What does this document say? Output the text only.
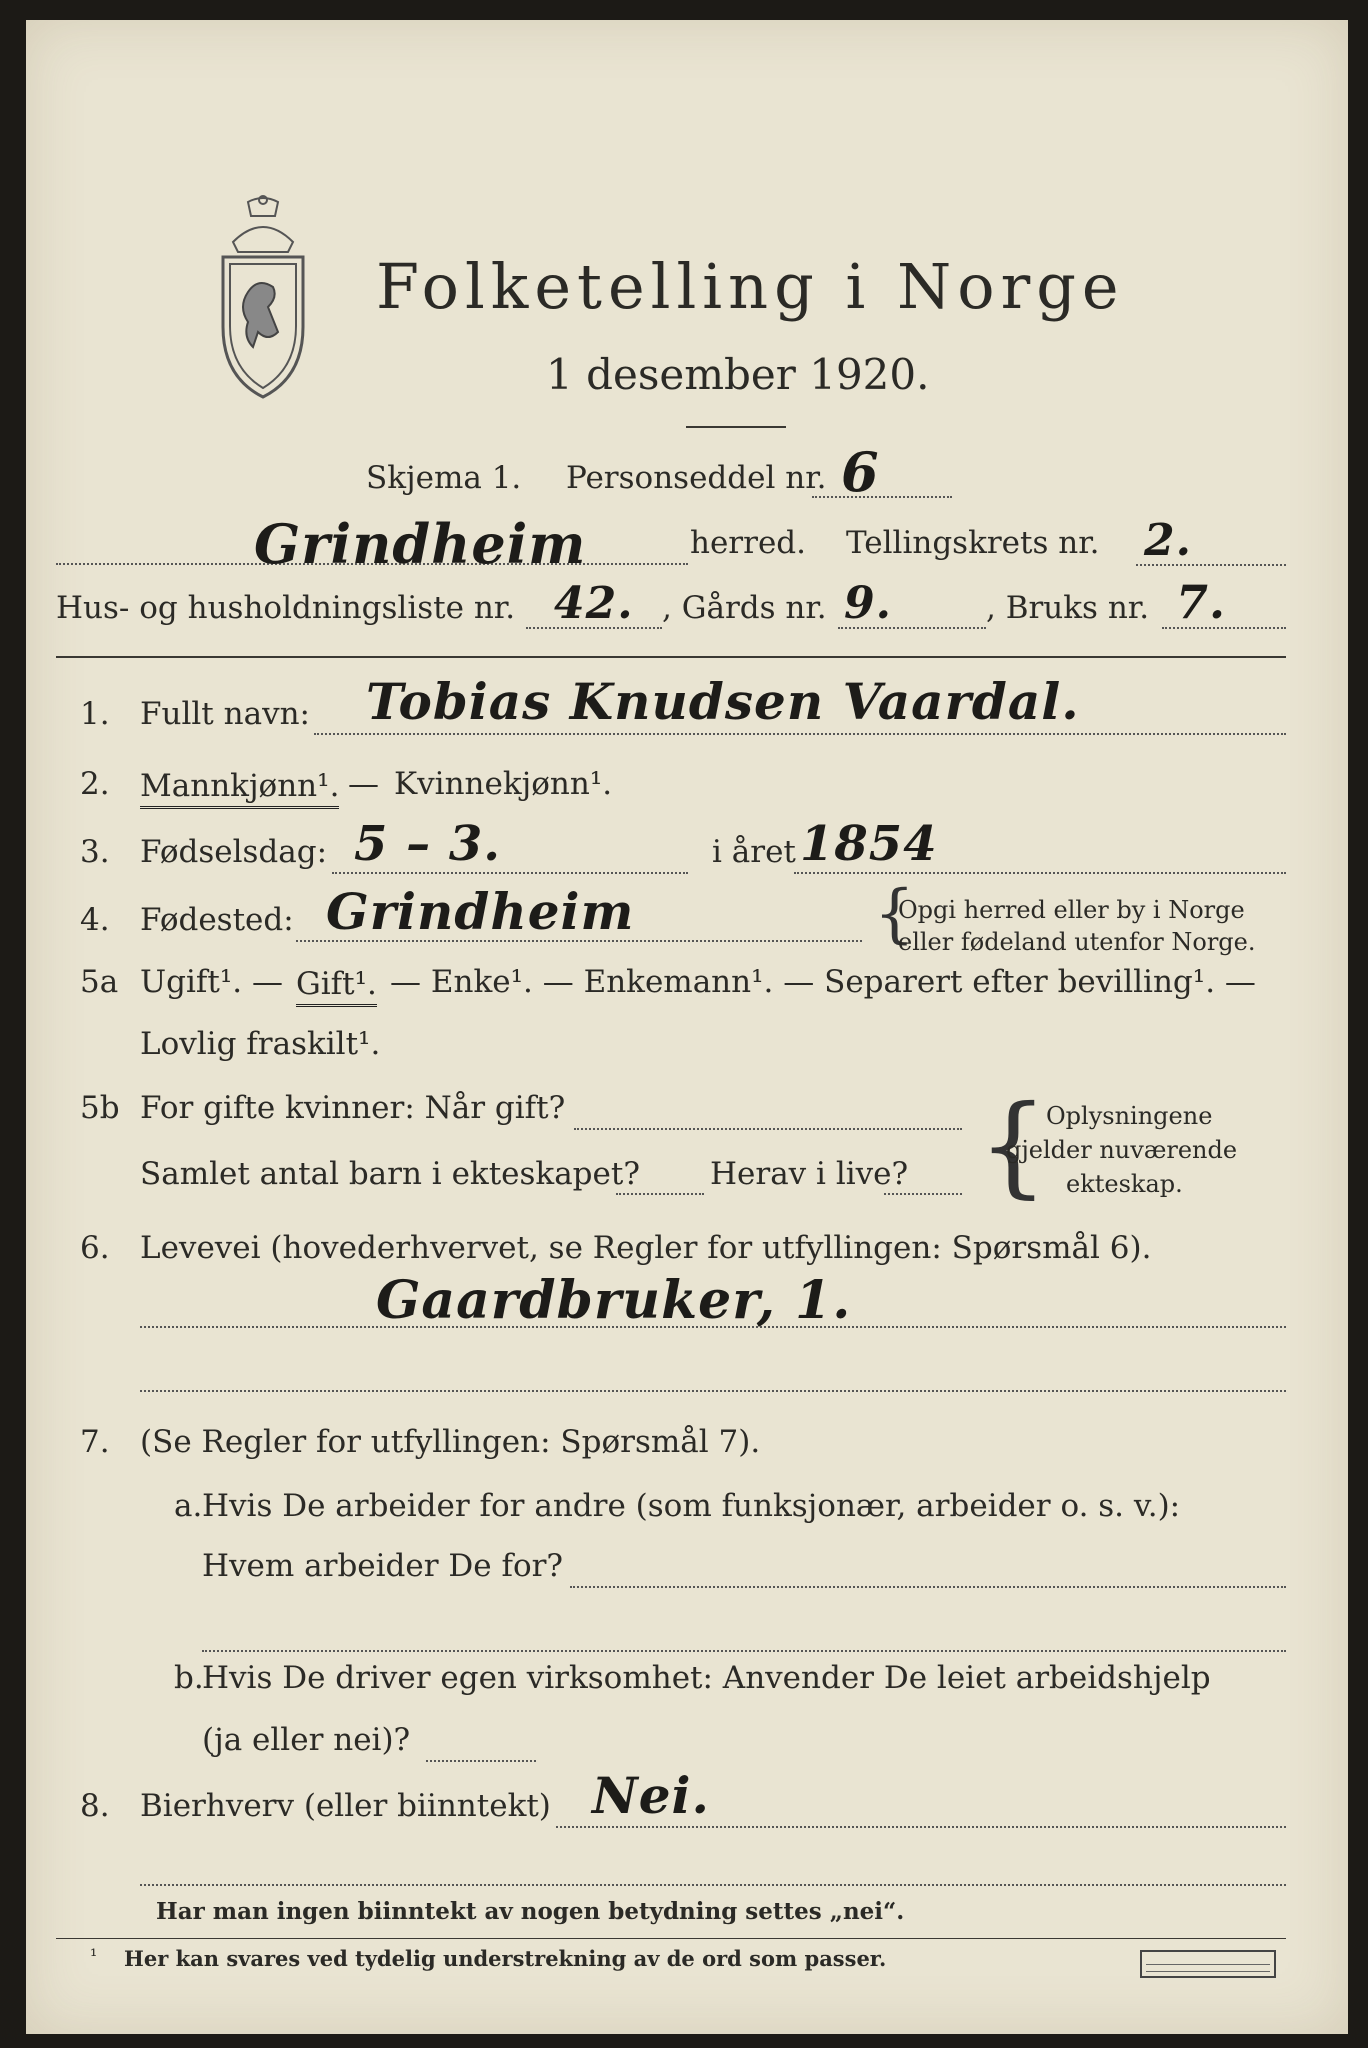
Folketelling i Norge
1 desember 1920.
Skjema 1. Personseddel nr. 6
Grindheim	herred. Tellingskrets nr. 2.
Hus- og husholdningsliste nr. 42. , Gårds nr. 9.	, Bruks nr. 7.
1. Fullt navn: Tobias Knudsen Vaardal.
2. Mannkjønn¹. — Kvinnekjønn¹.
3. Fødselsdag: 5 – 3.	i året 1854
4. Fødested: Grindheim	{
Opgi herred eller by i Norge
eller fødeland utenfor Norge.
5a Ugift¹. — Gift¹. — Enke¹. — Enkemann¹. — Separert efter bevilling¹. —
Lovlig fraskilt¹.
5b For gifte kvinner: Når gift?
Samlet antal barn i ekteskapet? Herav i live? {
Oplysningene
gjelder nuværende
ekteskap.
6. Levevei (hovederhvervet, se Regler for utfyllingen: Spørsmål 6).
Gaardbruker, 1.
7. (Se Regler for utfyllingen: Spørsmål 7).
a. Hvis De arbeider for andre (som funksjonær, arbeider o. s. v.):
Hvem arbeider De for?
b.
Hvis De driver egen virksomhet: Anvender De leiet arbeidshjelp
(ja eller nei)?
8. Bierhverv (eller biinntekt) Nei.
Har man ingen biinntekt av nogen betydning settes „nei“.
¹ Her kan svares ved tydelig understrekning av de ord som passer.
